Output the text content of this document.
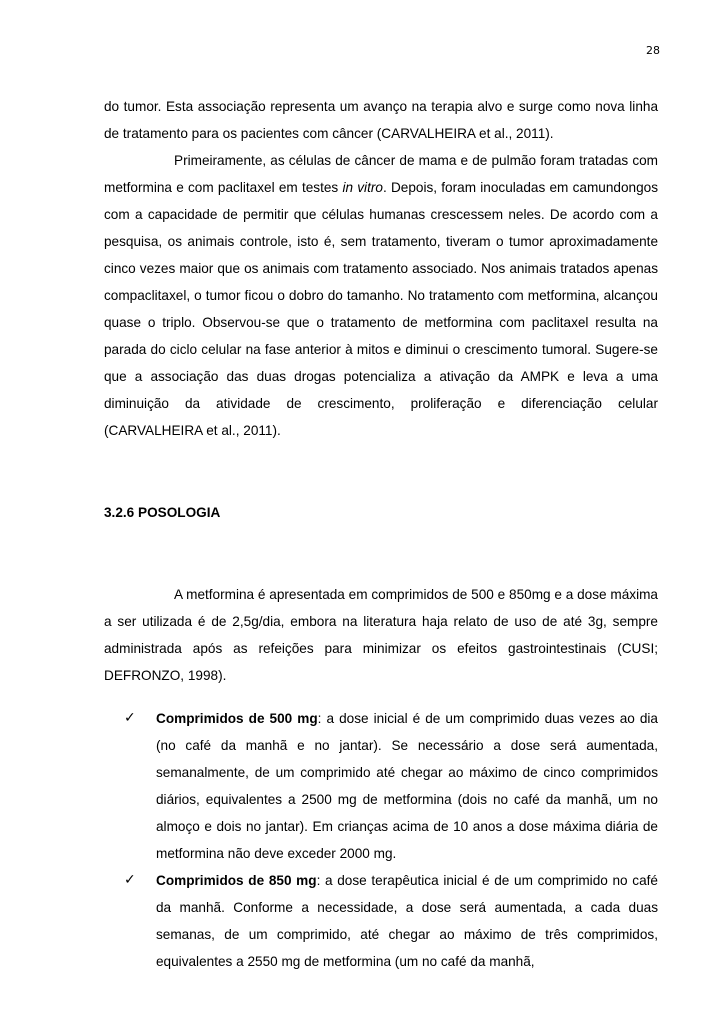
28

do tumor. Esta associação representa um avanço na terapia alvo e surge como nova linha de tratamento para os pacientes com câncer (CARVALHEIRA et al., 2011).

Primeiramente, as células de câncer de mama e de pulmão foram tratadas com metformina e com paclitaxel em testes in vitro. Depois, foram inoculadas em camundongos com a capacidade de permitir que células humanas crescessem neles. De acordo com a pesquisa, os animais controle, isto é, sem tratamento, tiveram o tumor aproximadamente cinco vezes maior que os animais com tratamento associado. Nos animais tratados apenas compaclitaxel, o tumor ficou o dobro do tamanho. No tratamento com metformina, alcançou quase o triplo. Observou-se que o tratamento de metformina com paclitaxel resulta na parada do ciclo celular na fase anterior à mitos e diminui o crescimento tumoral. Sugere-se que a associação das duas drogas potencializa a ativação da AMPK e leva a uma diminuição da atividade de crescimento, proliferação e diferenciação celular (CARVALHEIRA et al., 2011).

3.2.6 POSOLOGIA

A metformina é apresentada em comprimidos de 500 e 850mg e a dose máxima a ser utilizada é de 2,5g/dia, embora na literatura haja relato de uso de até 3g, sempre administrada após as refeições para minimizar os efeitos gastrointestinais (CUSI; DEFRONZO, 1998).

✓ Comprimidos de 500 mg: a dose inicial é de um comprimido duas vezes ao dia (no café da manhã e no jantar). Se necessário a dose será aumentada, semanalmente, de um comprimido até chegar ao máximo de cinco comprimidos diários, equivalentes a 2500 mg de metformina (dois no café da manhã, um no almoço e dois no jantar). Em crianças acima de 10 anos a dose máxima diária de metformina não deve exceder 2000 mg.
✓ Comprimidos de 850 mg: a dose terapêutica inicial é de um comprimido no café da manhã. Conforme a necessidade, a dose será aumentada, a cada duas semanas, de um comprimido, até chegar ao máximo de três comprimidos, equivalentes a 2550 mg de metformina (um no café da manhã,
